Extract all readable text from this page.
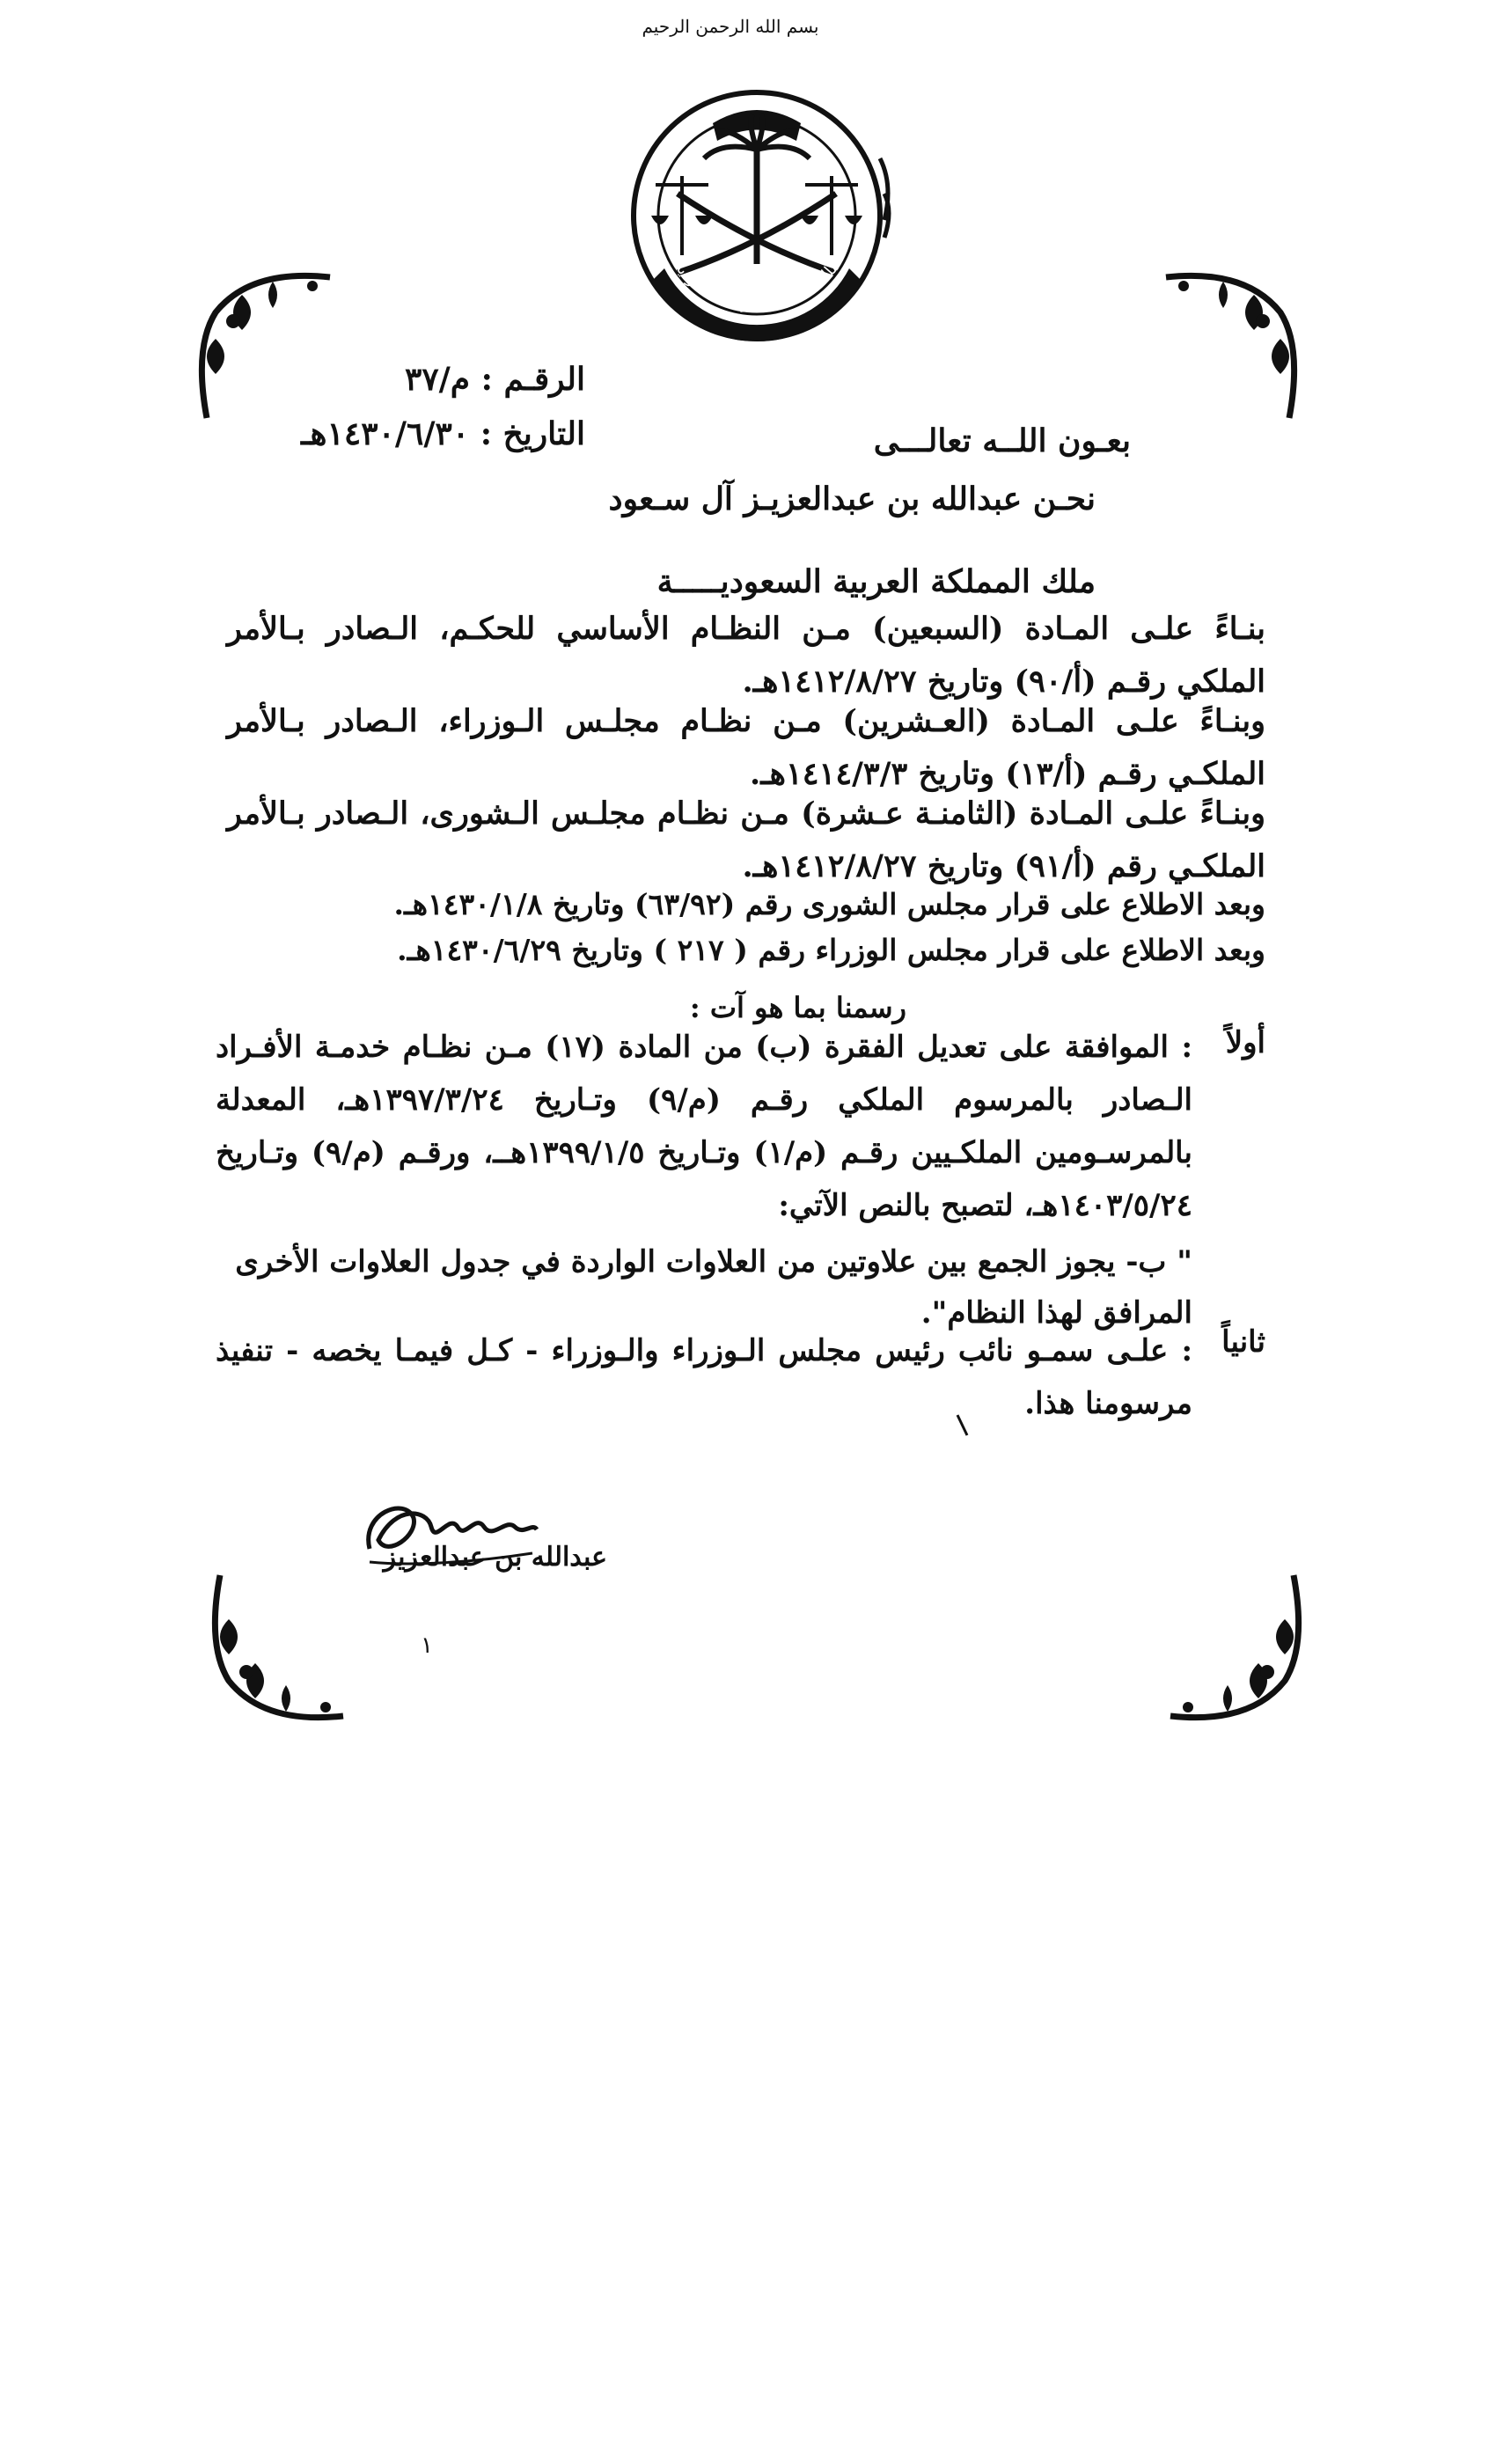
بسم الله الرحمن الرحيم
ملك المملكة العربية السعودية
الرقـم : م/٣٧
التاريخ : ١٤٣٠/٦/٣٠هـ	بعـون اللــه تعالـــى
نحـن عبدالله بن عبدالعزيـز آل سـعود
ملك المملكة العربية السعوديـــــة
بنـاءً علـى المـادة (السبعين) مـن النظـام الأساسي للحكـم، الـصادر بـالأمر الملكي رقـم (أ/٩٠) وتاريخ ١٤١٢/٨/٢٧هـ.
وبنـاءً علـى المـادة (العـشرين) مـن نظـام مجلـس الـوزراء، الـصادر بـالأمر الملكـي رقـم (أ/١٣) وتاريخ ١٤١٤/٣/٣هـ.
وبنـاءً علـى المـادة (الثامنـة عـشرة) مـن نظـام مجلـس الـشورى، الـصادر بـالأمر الملكـي رقم (أ/٩١) وتاريخ ١٤١٢/٨/٢٧هـ.
وبعد الاطلاع على قرار مجلس الشورى رقم (٦٣/٩٢) وتاريخ ١٤٣٠/١/٨هـ.
وبعد الاطلاع على قرار مجلس الوزراء رقم ( ٢١٧ ) وتاريخ ١٤٣٠/٦/٢٩هـ.
رسمنا بما هو آت :
أولاً
: الموافقة على تعديل الفقرة (ب) من المادة (١٧) مـن نظـام خدمـة الأفـراد الـصادر بالمرسوم الملكي رقـم (م/٩) وتـاريخ ١٣٩٧/٣/٢٤هـ، المعدلة بالمرسـومين الملكـيين رقـم (م/١) وتـاريخ ١٣٩٩/١/٥هــ، ورقـم (م/٩) وتـاريخ ١٤٠٣/٥/٢٤هـ، لتصبح بالنص الآتي:
" ب- يجوز الجمع بين علاوتين من العلاوات الواردة في جدول العلاوات الأخرى المرافق لهذا النظام".
ثانياً
: علـى سمـو نائب رئيس مجلس الـوزراء والـوزراء - كـل فيمـا يخصه - تنفيذ مرسومنا هذا.
عبدالله بن عبدالعزيز
١
